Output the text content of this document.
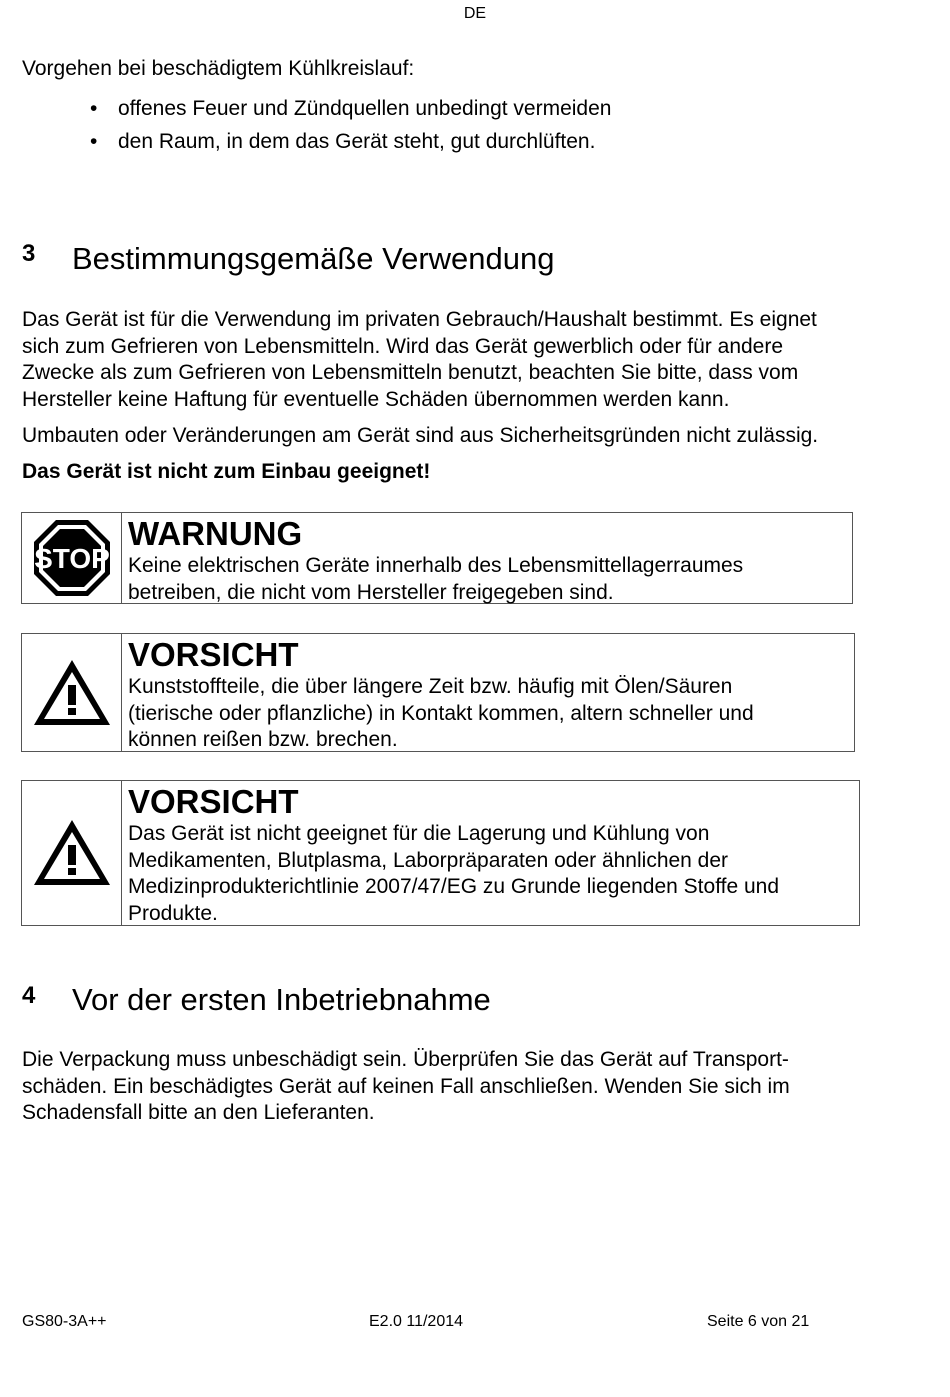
DE
Vorgehen bei beschädigtem Kühlkreislauf:
• offenes Feuer und Zündquellen unbedingt vermeiden
• den Raum, in dem das Gerät steht, gut durchlüften.
3 Bestimmungsgemäße Verwendung
Das Gerät ist für die Verwendung im privaten Gebrauch/Haushalt bestimmt. Es eignet
sich zum Gefrieren von Lebensmitteln. Wird das Gerät gewerblich oder für andere
Zwecke als zum Gefrieren von Lebensmitteln benutzt, beachten Sie bitte, dass vom
Hersteller keine Haftung für eventuelle Schäden übernommen werden kann.
Umbauten oder Veränderungen am Gerät sind aus Sicherheitsgründen nicht zulässig.
Das Gerät ist nicht zum Einbau geeignet!
STOP
WARNUNG
Keine elektrischen Geräte innerhalb des Lebensmittellagerraumes
betreiben, die nicht vom Hersteller freigegeben sind.
VORSICHT
Kunststoffteile, die über längere Zeit bzw. häufig mit Ölen/Säuren
(tierische oder pflanzliche) in Kontakt kommen, altern schneller und
können reißen bzw. brechen.
VORSICHT
Das Gerät ist nicht geeignet für die Lagerung und Kühlung von
Medikamenten, Blutplasma, Laborpräparaten oder ähnlichen der
Medizinprodukterichtlinie 2007/47/EG zu Grunde liegenden Stoffe und
Produkte.
4 Vor der ersten Inbetriebnahme
Die Verpackung muss unbeschädigt sein. Überprüfen Sie das Gerät auf Transport-
schäden. Ein beschädigtes Gerät auf keinen Fall anschließen. Wenden Sie sich im
Schadensfall bitte an den Lieferanten.
GS80-3A++	E2.0 11/2014	Seite 6 von 21
